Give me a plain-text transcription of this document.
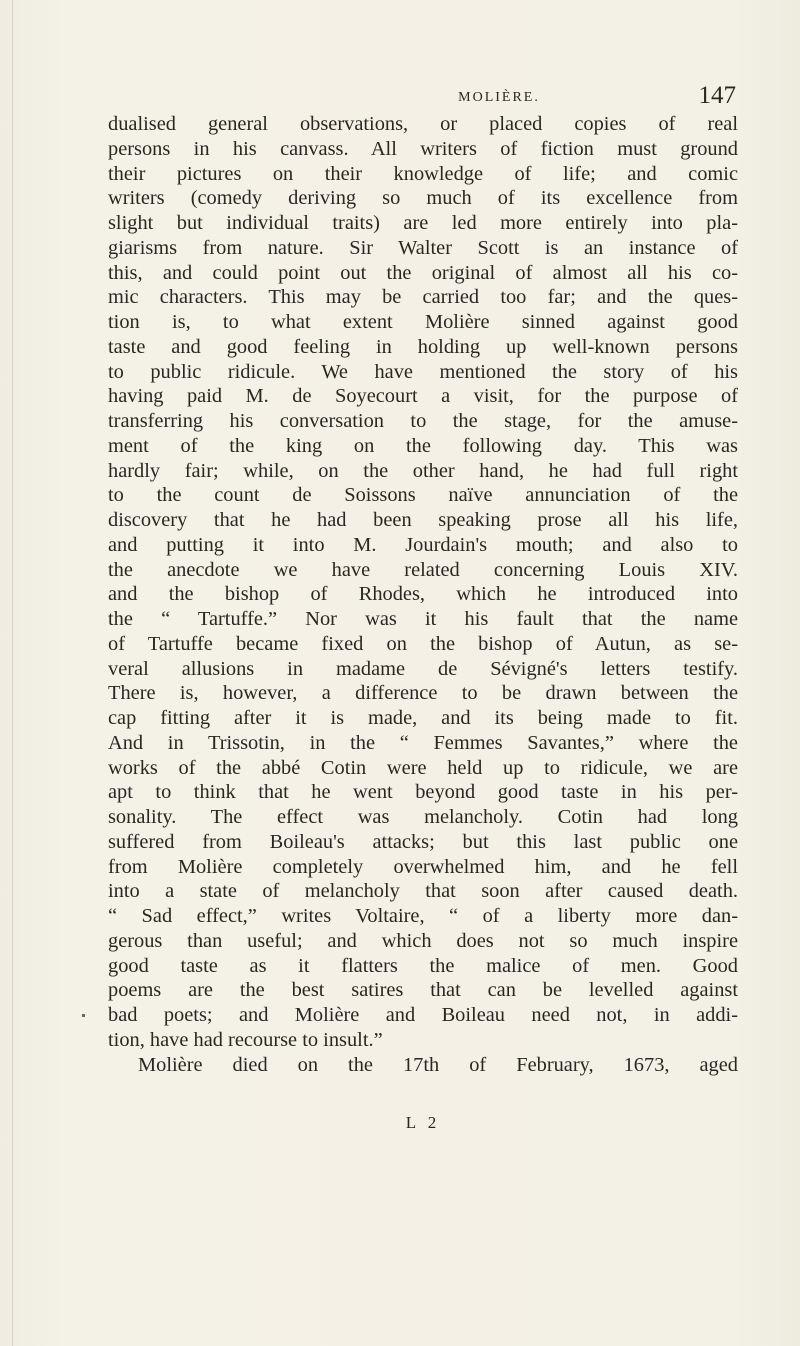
MOLIÈRE.	147
dualised general observations, or placed copies of real
persons in his canvass. All writers of fiction must ground
their pictures on their knowledge of life; and comic
writers (comedy deriving so much of its excellence from
slight but individual traits) are led more entirely into pla-
giarisms from nature. Sir Walter Scott is an instance of
this, and could point out the original of almost all his co-
mic characters. This may be carried too far; and the ques-
tion is, to what extent Molière sinned against good
taste and good feeling in holding up well-known persons
to public ridicule. We have mentioned the story of his
having paid M. de Soyecourt a visit, for the purpose of
transferring his conversation to the stage, for the amuse-
ment of the king on the following day. This was
hardly fair; while, on the other hand, he had full right
to the count de Soissons naïve annunciation of the
discovery that he had been speaking prose all his life,
and putting it into M. Jourdain's mouth; and also to
the anecdote we have related concerning Louis XIV.
and the bishop of Rhodes, which he introduced into
the “ Tartuffe.” Nor was it his fault that the name
of Tartuffe became fixed on the bishop of Autun, as se-
veral allusions in madame de Sévigné's letters testify.
There is, however, a difference to be drawn between the
cap fitting after it is made, and its being made to fit.
And in Trissotin, in the “ Femmes Savantes,” where the
works of the abbé Cotin were held up to ridicule, we are
apt to think that he went beyond good taste in his per-
sonality. The effect was melancholy. Cotin had long
suffered from Boileau's attacks; but this last public one
from Molière completely overwhelmed him, and he fell
into a state of melancholy that soon after caused death.
“ Sad effect,” writes Voltaire, “ of a liberty more dan-
gerous than useful; and which does not so much inspire
good taste as it flatters the malice of men. Good
poems are the best satires that can be levelled against
bad poets; and Molière and Boileau need not, in addi-
tion, have had recourse to insult.”
Molière died on the 17th of February, 1673, aged
L 2
